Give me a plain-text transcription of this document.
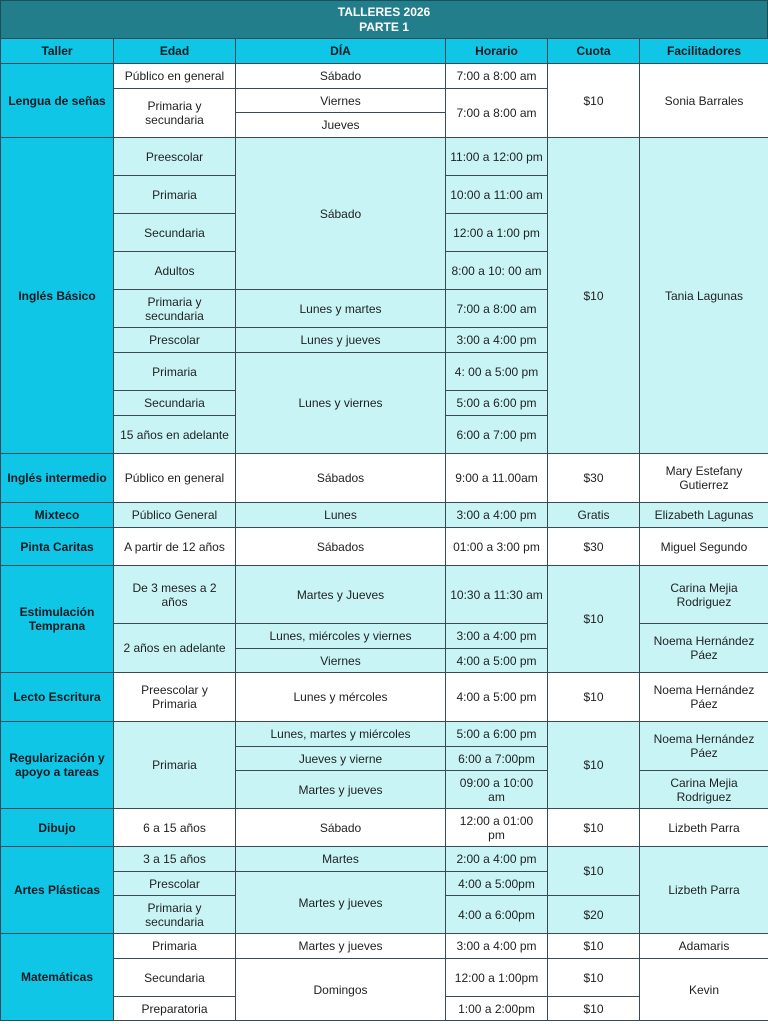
TALLERES 2026
PARTE 1
Taller	Edad	DÍA	Horario	Cuota	Facilitadores
Lengua de señas	Público en general	Sábado	7:00 a 8:00 am	$10	Sonia Barrales
	Primaria y secundaria	Viernes	7:00 a 8:00 am		
		Jueves			
Inglés Básico	Preescolar	Sábado	11:00 a 12:00 pm	$10	Tania Lagunas
	Primaria		10:00 a 11:00 am		
	Secundaria		12:00 a 1:00 pm		
	Adultos		8:00 a 10: 00 am		
	Primaria y secundaria	Lunes y martes	7:00 a 8:00 am		
	Prescolar	Lunes y jueves	3:00 a 4:00 pm		
	Primaria	Lunes y viernes	4: 00 a 5:00 pm		
	Secundaria		5:00 a 6:00 pm		
	15 años en adelante		6:00 a 7:00 pm		
Inglés intermedio	Público en general	Sábados	9:00 a 11.00am	$30	Mary Estefany Gutierrez
Mixteco	Público General	Lunes	3:00 a 4:00 pm	Gratis	Elizabeth Lagunas
Pinta Caritas	A partir de 12 años	Sábados	01:00 a 3:00 pm	$30	Miguel Segundo
Estimulación Temprana	De 3 meses a 2 años	Martes y Jueves	10:30 a 11:30 am	$10	Carina Mejia Rodriguez
	2 años en adelante	Lunes, miércoles y viernes	3:00 a 4:00 pm		Noema Hernández Páez
		Viernes	4:00 a 5:00 pm		
Lecto Escritura	Preescolar y Primaria	Lunes y mércoles	4:00 a 5:00 pm	$10	Noema Hernández Páez
Regularización y apoyo a tareas	Primaria	Lunes, martes y miércoles	5:00 a 6:00 pm	$10	Noema Hernández Páez
		Jueves y vierne	6:00 a 7:00pm		
		Martes y jueves	09:00 a 10:00 am		Carina Mejia Rodriguez
Dibujo	6 a 15 años	Sábado	12:00 a 01:00 pm	$10	Lizbeth Parra
Artes Plásticas	3 a 15 años	Martes	2:00 a 4:00 pm	$10	Lizbeth Parra
	Prescolar	Martes y jueves	4:00 a 5:00pm		
	Primaria y secundaria		4:00 a 6:00pm	$20	
Matemáticas	Primaria	Martes y jueves	3:00 a 4:00 pm	$10	Adamaris
	Secundaria	Domingos	12:00 a 1:00pm	$10	Kevin
	Preparatoria		1:00 a 2:00pm	$10	
